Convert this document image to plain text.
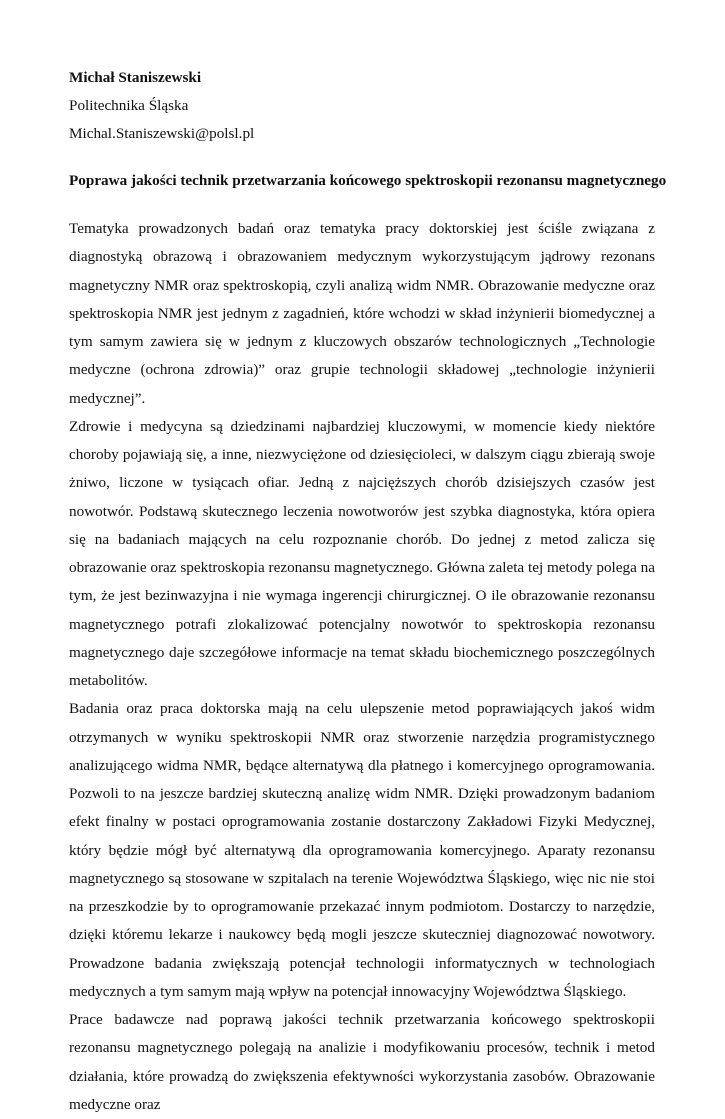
Michał Staniszewski
Politechnika Śląska
Michal.Staniszewski@polsl.pl
Poprawa jakości technik przetwarzania końcowego spektroskopii rezonansu magnetycznego

Tematyka prowadzonych badań oraz tematyka pracy doktorskiej jest ściśle związana z diagnostyką obrazową i obrazowaniem medycznym wykorzystującym jądrowy rezonans magnetyczny NMR oraz spektroskopią, czyli analizą widm NMR. Obrazowanie medyczne oraz spektroskopia NMR jest jednym z zagadnień, które wchodzi w skład inżynierii biomedycznej a tym samym zawiera się w jednym z kluczowych obszarów technologicznych „Technologie medyczne (ochrona zdrowia)” oraz grupie technologii składowej „technologie inżynierii medycznej”.

Zdrowie i medycyna są dziedzinami najbardziej kluczowymi, w momencie kiedy niektóre choroby pojawiają się, a inne, niezwyciężone od dziesięcioleci, w dalszym ciągu zbierają swoje żniwo, liczone w tysiącach ofiar. Jedną z najcięższych chorób dzisiejszych czasów jest nowotwór. Podstawą skutecznego leczenia nowotworów jest szybka diagnostyka, która opiera się na badaniach mających na celu rozpoznanie chorób. Do jednej z metod zalicza się obrazowanie oraz spektroskopia rezonansu magnetycznego. Główna zaleta tej metody polega na tym, że jest bezinwazyjna i nie wymaga ingerencji chirurgicznej. O ile obrazowanie rezonansu magnetycznego potrafi zlokalizować potencjalny nowotwór to spektroskopia rezonansu magnetycznego daje szczegółowe informacje na temat składu biochemicznego poszczególnych metabolitów.

Badania oraz praca doktorska mają na celu ulepszenie metod poprawiających jakoś widm otrzymanych w wyniku spektroskopii NMR oraz stworzenie narzędzia programistycznego analizującego widma NMR, będące alternatywą dla płatnego i komercyjnego oprogramowania. Pozwoli to na jeszcze bardziej skuteczną analizę widm NMR. Dzięki prowadzonym badaniom efekt finalny w postaci oprogramowania zostanie dostarczony Zakładowi Fizyki Medycznej, który będzie mógł być alternatywą dla oprogramowania komercyjnego. Aparaty rezonansu magnetycznego są stosowane w szpitalach na terenie Województwa Śląskiego, więc nic nie stoi na przeszkodzie by to oprogramowanie przekazać innym podmiotom. Dostarczy to narzędzie, dzięki któremu lekarze i naukowcy będą mogli jeszcze skuteczniej diagnozować nowotwory. Prowadzone badania zwiększają potencjał technologii informatycznych w technologiach medycznych a tym samym mają wpływ na potencjał innowacyjny Województwa Śląskiego.

Prace badawcze nad poprawą jakości technik przetwarzania końcowego spektroskopii rezonansu magnetycznego polegają na analizie i modyfikowaniu procesów, technik i metod działania, które prowadzą do zwiększenia efektywności wykorzystania zasobów. Obrazowanie medyczne oraz
